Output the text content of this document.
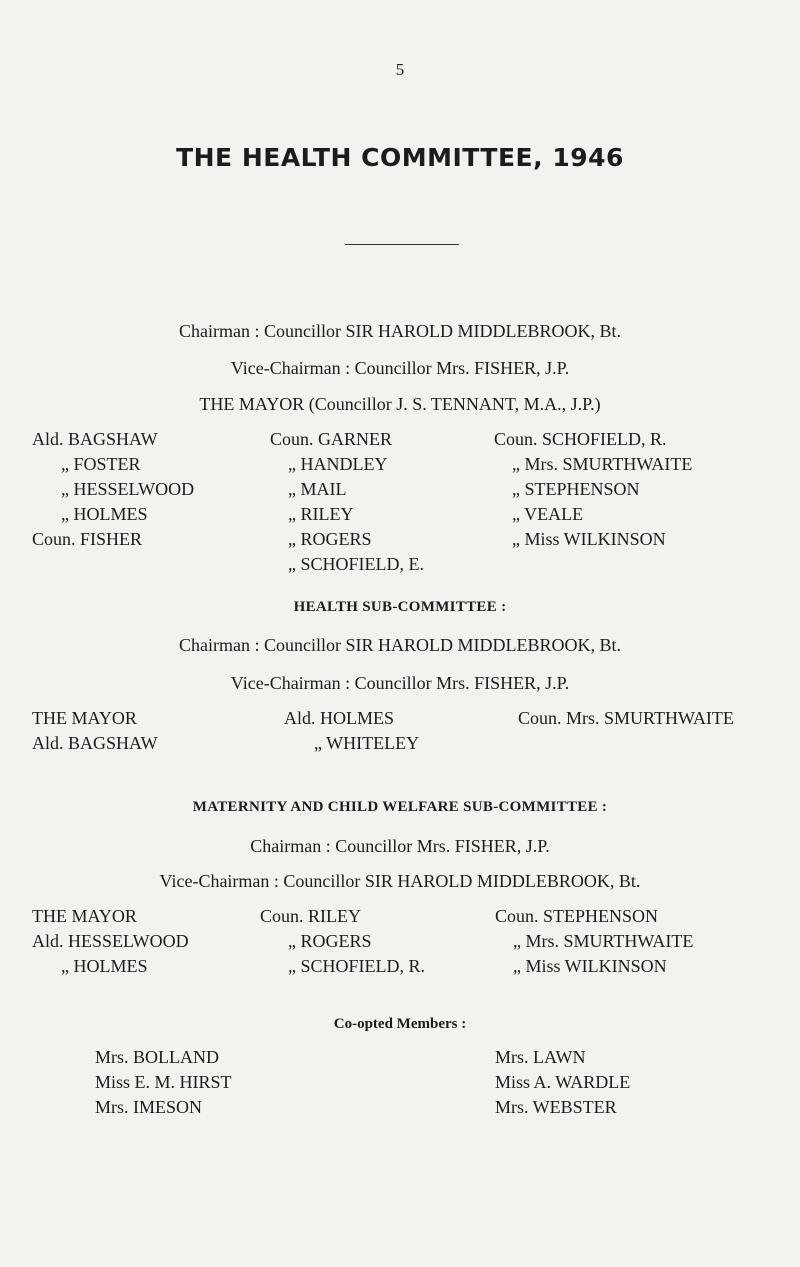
5
THE HEALTH COMMITTEE, 1946
Chairman : Councillor SIR HAROLD MIDDLEBROOK, Bt.
Vice-Chairman : Councillor Mrs. FISHER, J.P.
THE MAYOR (Councillor J. S. TENNANT, M.A., J.P.)
Ald. BAGSHAW
„ FOSTER
„ HESSELWOOD
„ HOLMES
Coun. FISHER
Coun. GARNER
„ HANDLEY
„ MAIL
„ RILEY
„ ROGERS
„ SCHOFIELD, E.
Coun. SCHOFIELD, R.
„ Mrs. SMURTHWAITE
„ STEPHENSON
„ VEALE
„ Miss WILKINSON
HEALTH SUB-COMMITTEE :
Chairman : Councillor SIR HAROLD MIDDLEBROOK, Bt.
Vice-Chairman : Councillor Mrs. FISHER, J.P.
THE MAYOR
Ald. BAGSHAW
Ald. HOLMES
„ WHITELEY
Coun. Mrs. SMURTHWAITE
MATERNITY AND CHILD WELFARE SUB-COMMITTEE :
Chairman : Councillor Mrs. FISHER, J.P.
Vice-Chairman : Councillor SIR HAROLD MIDDLEBROOK, Bt.
THE MAYOR
Ald. HESSELWOOD
„ HOLMES
Coun. RILEY
„ ROGERS
„ SCHOFIELD, R.
Coun. STEPHENSON
„ Mrs. SMURTHWAITE
„ Miss WILKINSON
Co-opted Members :
Mrs. BOLLAND
Miss E. M. HIRST
Mrs. IMESON
Mrs. LAWN
Miss A. WARDLE
Mrs. WEBSTER
